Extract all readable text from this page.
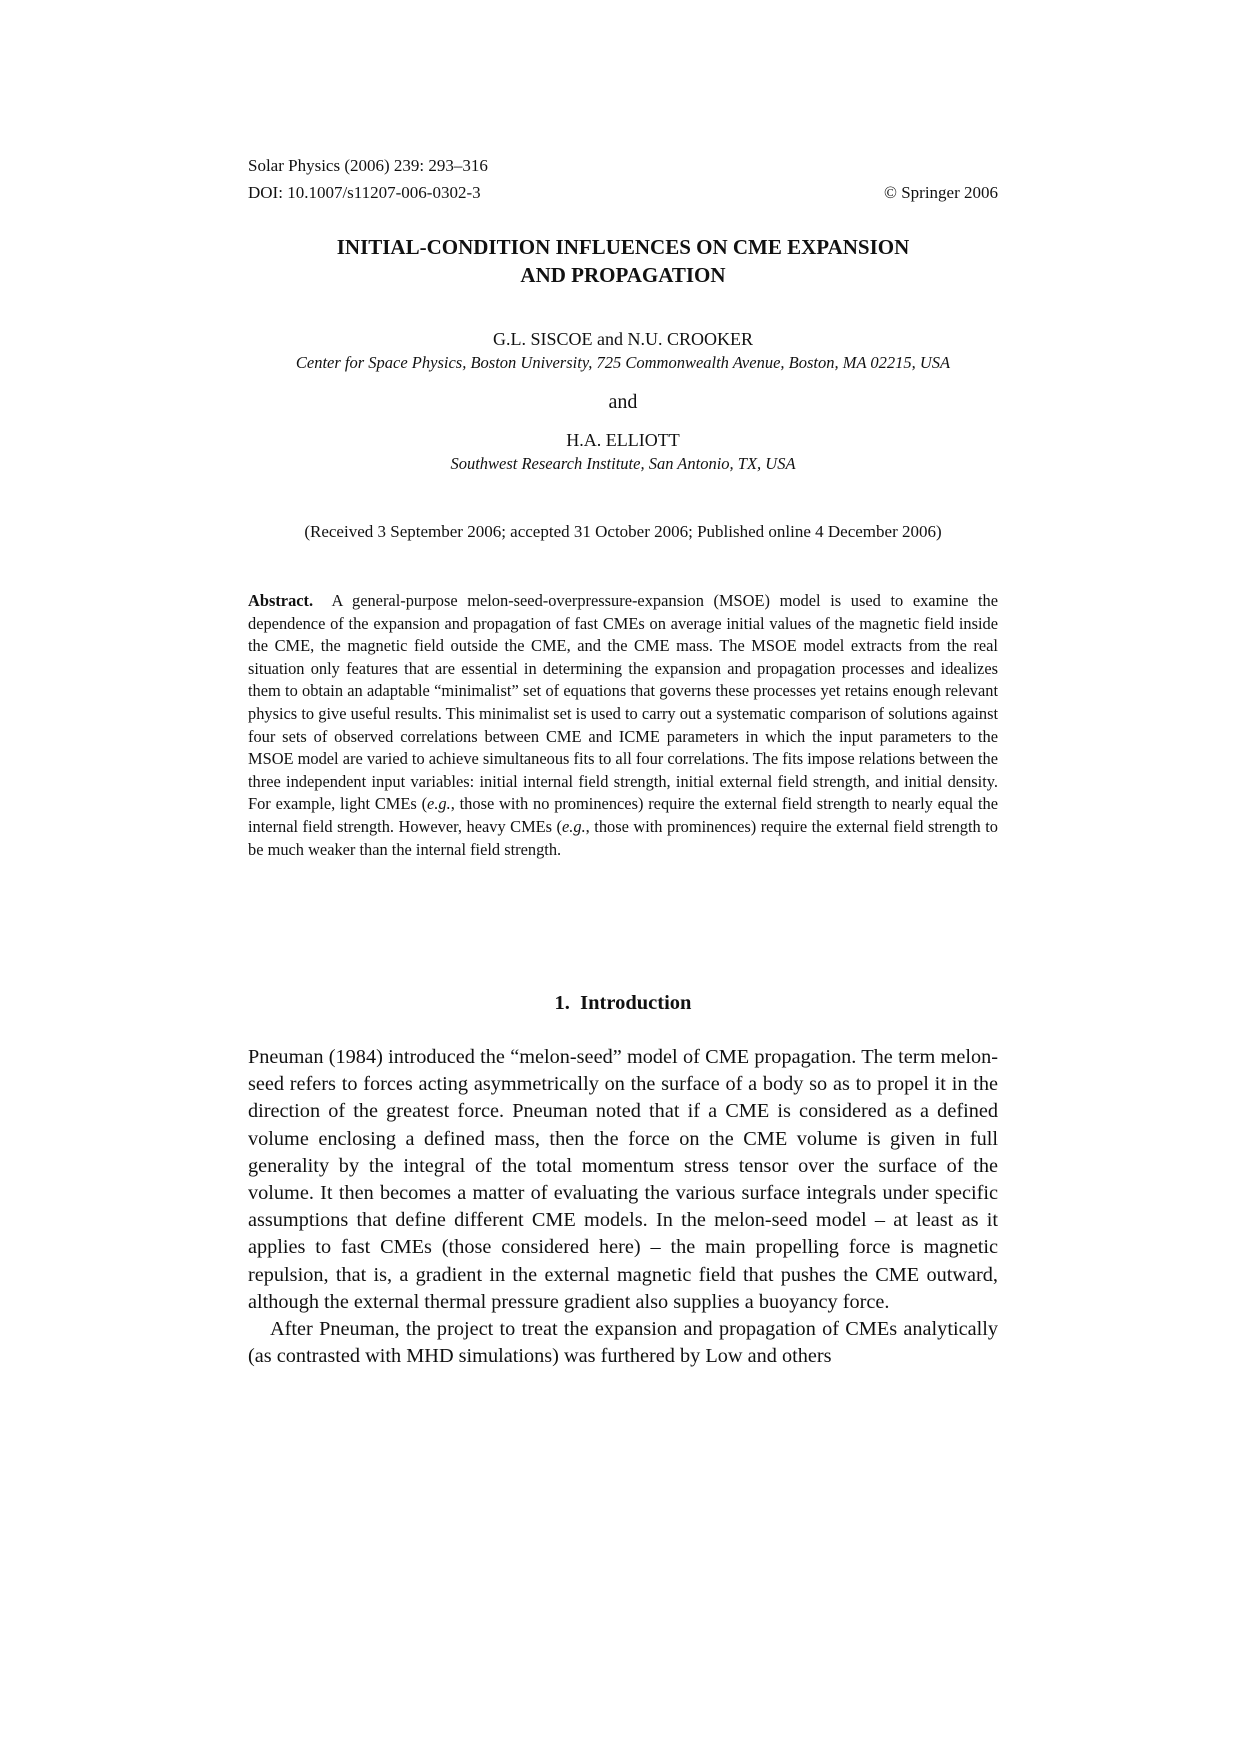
Solar Physics (2006) 239: 293–316
DOI: 10.1007/s11207-006-0302-3	© Springer 2006
INITIAL-CONDITION INFLUENCES ON CME EXPANSION
AND PROPAGATION
G.L. SISCOE and N.U. CROOKER
Center for Space Physics, Boston University, 725 Commonwealth Avenue, Boston, MA 02215, USA
and
H.A. ELLIOTT
Southwest Research Institute, San Antonio, TX, USA
(Received 3 September 2006; accepted 31 October 2006; Published online 4 December 2006)
Abstract. A general-purpose melon-seed-overpressure-expansion (MSOE) model is used to examine the dependence of the expansion and propagation of fast CMEs on average initial values of the magnetic field inside the CME, the magnetic field outside the CME, and the CME mass. The MSOE model extracts from the real situation only features that are essential in determining the expansion and propagation processes and idealizes them to obtain an adaptable “minimalist” set of equations that governs these processes yet retains enough relevant physics to give useful results. This minimalist set is used to carry out a systematic comparison of solutions against four sets of observed correlations between CME and ICME parameters in which the input parameters to the MSOE model are varied to achieve simultaneous fits to all four correlations. The fits impose relations between the three independent input variables: initial internal field strength, initial external field strength, and initial density. For example, light CMEs (e.g., those with no prominences) require the external field strength to nearly equal the internal field strength. However, heavy CMEs (e.g., those with prominences) require the external field strength to be much weaker than the internal field strength.
1. Introduction

Pneuman (1984) introduced the “melon-seed” model of CME propagation. The term melon-seed refers to forces acting asymmetrically on the surface of a body so as to propel it in the direction of the greatest force. Pneuman noted that if a CME is considered as a defined volume enclosing a defined mass, then the force on the CME volume is given in full generality by the integral of the total momentum stress tensor over the surface of the volume. It then becomes a matter of evaluating the various surface integrals under specific assumptions that define different CME models. In the melon-seed model – at least as it applies to fast CMEs (those considered here) – the main propelling force is magnetic repulsion, that is, a gradient in the external magnetic field that pushes the CME outward, although the external thermal pressure gradient also supplies a buoyancy force.

After Pneuman, the project to treat the expansion and propagation of CMEs analytically (as contrasted with MHD simulations) was furthered by Low and others
